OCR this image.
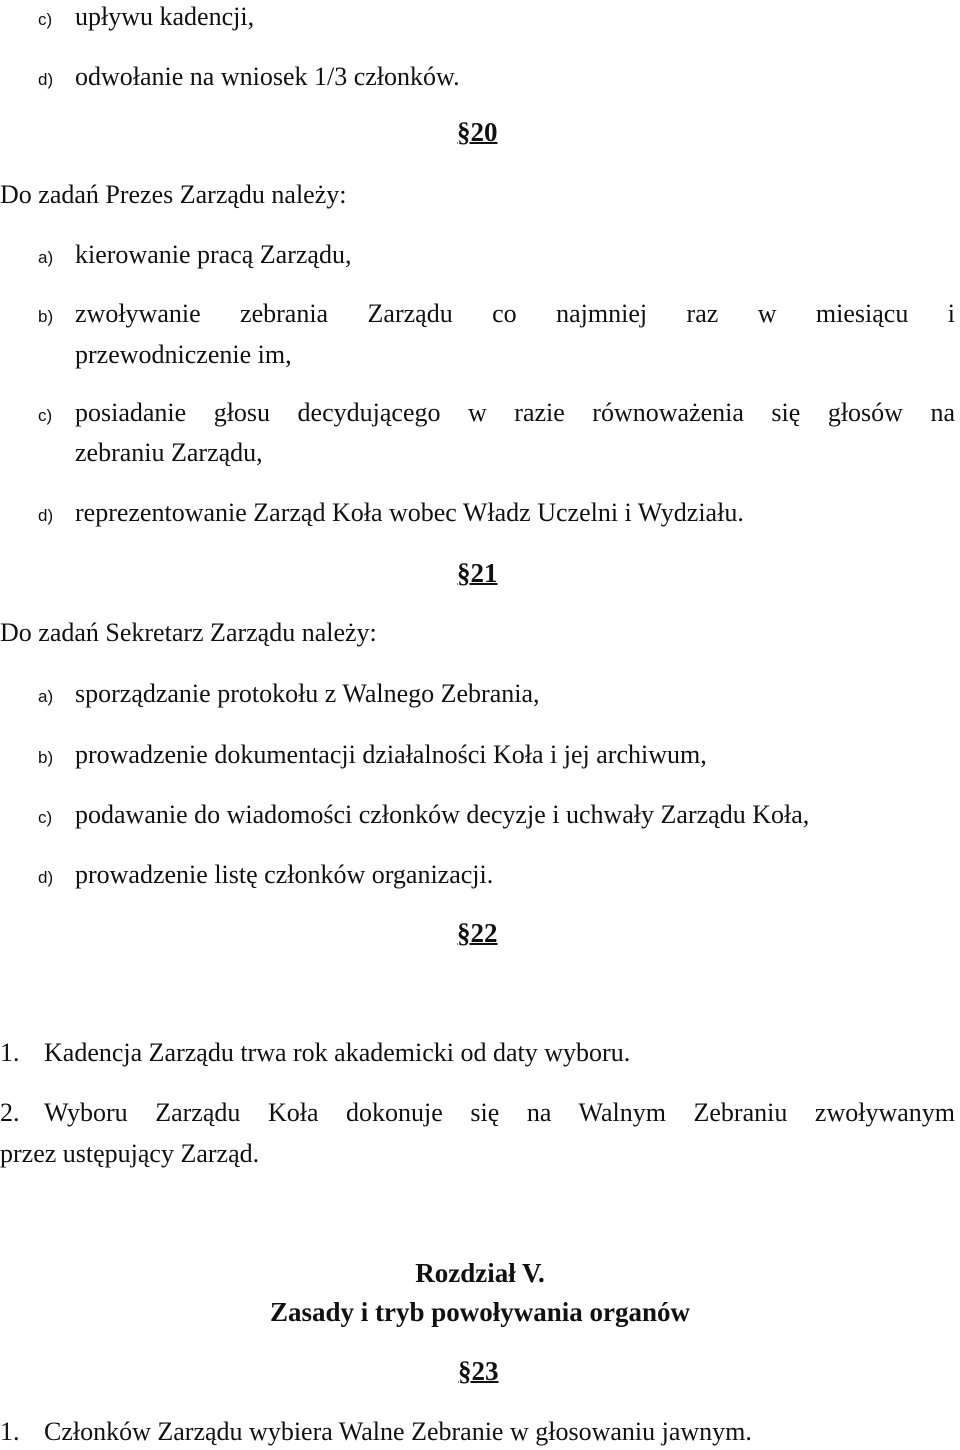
c) upływu kadencji,
d) odwołanie na wniosek 1/3 członków.
§20
Do zadań Prezes Zarządu należy:
a) kierowanie pracą Zarządu,
b) zwoływanie zebrania Zarządu co najmniej raz w miesiącu i
przewodniczenie im,
c) posiadanie głosu decydującego w razie równoważenia się głosów na
zebraniu Zarządu,
d) reprezentowanie Zarząd Koła wobec Władz Uczelni i Wydziału.
§21
Do zadań Sekretarz Zarządu należy:
a) sporządzanie protokołu z Walnego Zebrania,
b) prowadzenie dokumentacji działalności Koła i jej archiwum,
c) podawanie do wiadomości członków decyzje i uchwały Zarządu Koła,
d) prowadzenie listę członków organizacji.
§22
1. Kadencja Zarządu trwa rok akademicki od daty wyboru.
2. Wyboru Zarządu Koła dokonuje się na Walnym Zebraniu zwoływanym
przez ustępujący Zarząd.
Rozdział V.
Zasady i tryb powoływania organów
§23
1. Członków Zarządu wybiera Walne Zebranie w głosowaniu jawnym.
